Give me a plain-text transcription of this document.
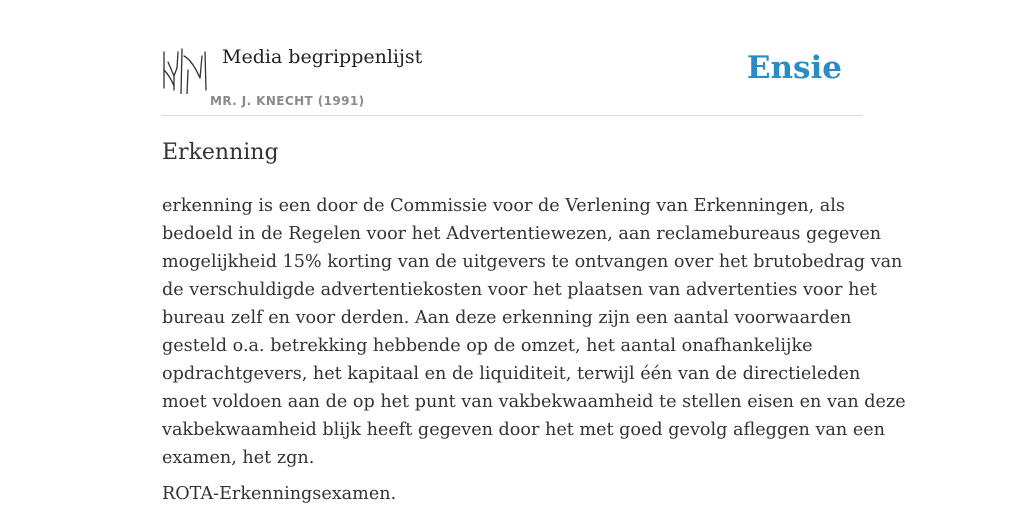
Media begrippenlijst
MR. J. KNECHT (1991)
Ensie
Erkenning

erkenning is een door de Commissie voor de Verlening van Erkenningen, als
bedoeld in de Regelen voor het Advertentiewezen, aan reclamebureaus gegeven
mogelijkheid 15% korting van de uitgevers te ontvangen over het brutobedrag van
de verschuldigde advertentiekosten voor het plaatsen van advertenties voor het
bureau zelf en voor derden. Aan deze erkenning zijn een aantal voorwaarden
gesteld o.a. betrekking hebbende op de omzet, het aantal onafhankelijke
opdrachtgevers, het kapitaal en de liquiditeit, terwijl één van de directieleden
moet voldoen aan de op het punt van vakbekwaamheid te stellen eisen en van deze
vakbekwaamheid blijk heeft gegeven door het met goed gevolg afleggen van een
examen, het zgn.

ROTA-Erkenningsexamen.
